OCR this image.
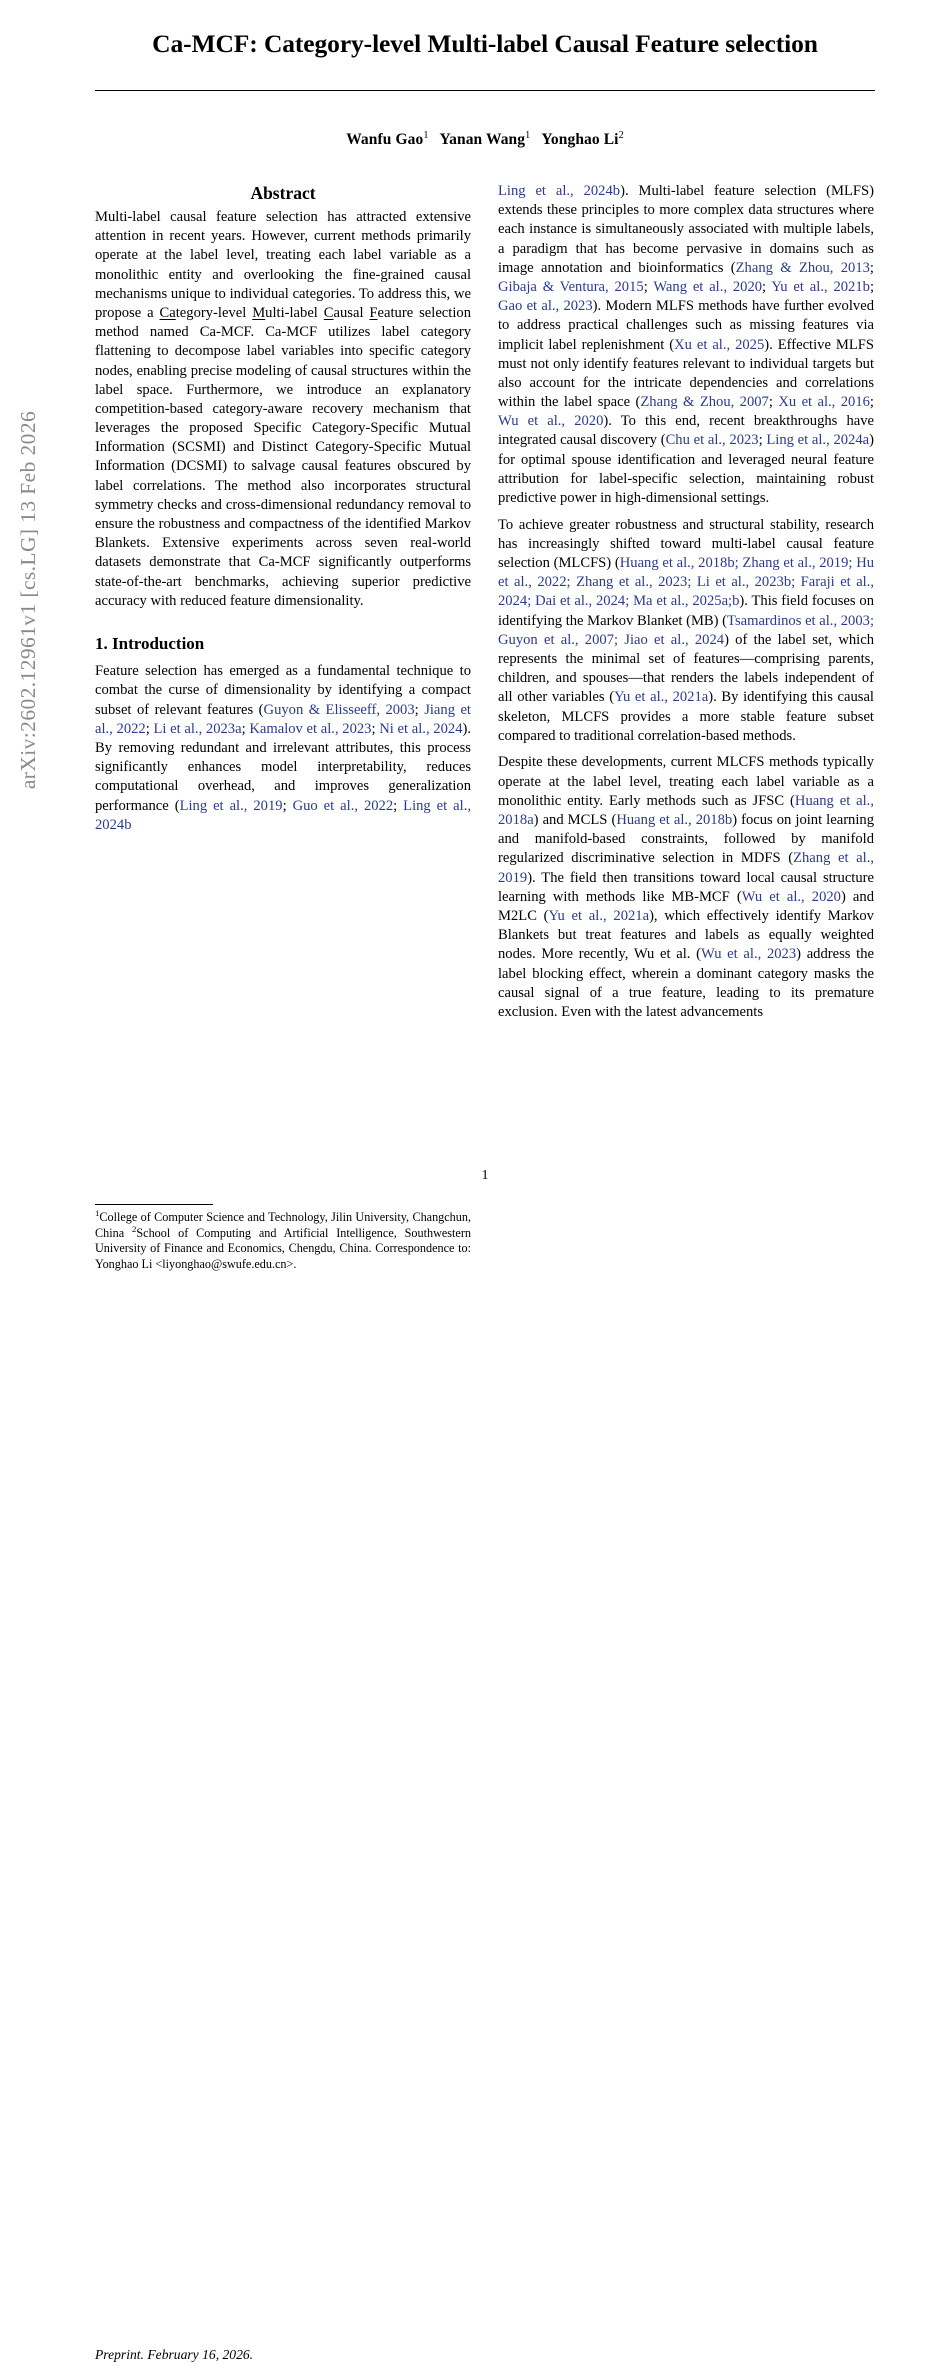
arXiv:2602.12961v1 [cs.LG] 13 Feb 2026
Ca-MCF: Category-level Multi-label Causal Feature selection
Wanfu Gao$^1$ Yanan Wang$^1$ Yonghao Li$^2$
Abstract

Multi-label causal feature selection has attracted extensive attention in recent years. However, current methods primarily operate at the label level, treating each label variable as a monolithic entity and overlooking the fine-grained causal mechanisms unique to individual categories. To address this, we propose a Category-level Multi-label Causal Feature selection method named Ca-MCF. Ca-MCF utilizes label category flattening to decompose label variables into specific category nodes, enabling precise modeling of causal structures within the label space. Furthermore, we introduce an explanatory competition-based category-aware recovery mechanism that leverages the proposed Specific Category-Specific Mutual Information (SCSMI) and Distinct Category-Specific Mutual Information (DCSMI) to salvage causal features obscured by label correlations. The method also incorporates structural symmetry checks and cross-dimensional redundancy removal to ensure the robustness and compactness of the identified Markov Blankets. Extensive experiments across seven real-world datasets demonstrate that Ca-MCF significantly outperforms state-of-the-art benchmarks, achieving superior predictive accuracy with reduced feature dimensionality.

1. Introduction

Feature selection has emerged as a fundamental technique to combat the curse of dimensionality by identifying a compact subset of relevant features (Guyon & Elisseeff, 2003; Jiang et al., 2022; Li et al., 2023a; Kamalov et al., 2023; Ni et al., 2024). By removing redundant and irrelevant attributes, this process significantly enhances model interpretability, reduces computational overhead, and improves generalization performance (Ling et al., 2019; Guo et al., 2022; Ling et al., 2024b

$^1$College of Computer Science and Technology, Jilin University, Changchun, China $^2$School of Computing and Artificial Intelligence, Southwestern University of Finance and Economics, Chengdu, China. Correspondence to: Yonghao Li <liyonghao@swufe.edu.cn>.
Preprint. February 16, 2026.

Ling et al., 2024b). Multi-label feature selection (MLFS) extends these principles to more complex data structures where each instance is simultaneously associated with multiple labels, a paradigm that has become pervasive in domains such as image annotation and bioinformatics (Zhang & Zhou, 2013; Gibaja & Ventura, 2015; Wang et al., 2020; Yu et al., 2021b; Gao et al., 2023). Modern MLFS methods have further evolved to address practical challenges such as missing features via implicit label replenishment (Xu et al., 2025). Effective MLFS must not only identify features relevant to individual targets but also account for the intricate dependencies and correlations within the label space (Zhang & Zhou, 2007; Xu et al., 2016; Wu et al., 2020). To this end, recent breakthroughs have integrated causal discovery (Chu et al., 2023; Ling et al., 2024a) for optimal spouse identification and leveraged neural feature attribution for label-specific selection, maintaining robust predictive power in high-dimensional settings.

To achieve greater robustness and structural stability, research has increasingly shifted toward multi-label causal feature selection (MLCFS) (Huang et al., 2018b; Zhang et al., 2019; Hu et al., 2022; Zhang et al., 2023; Li et al., 2023b; Faraji et al., 2024; Dai et al., 2024; Ma et al., 2025a;b). This field focuses on identifying the Markov Blanket (MB) (Tsamardinos et al., 2003; Guyon et al., 2007; Jiao et al., 2024) of the label set, which represents the minimal set of features—comprising parents, children, and spouses—that renders the labels independent of all other variables (Yu et al., 2021a). By identifying this causal skeleton, MLCFS provides a more stable feature subset compared to traditional correlation-based methods.

Despite these developments, current MLCFS methods typically operate at the label level, treating each label variable as a monolithic entity. Early methods such as JFSC (Huang et al., 2018a) and MCLS (Huang et al., 2018b) focus on joint learning and manifold-based constraints, followed by manifold regularized discriminative selection in MDFS (Zhang et al., 2019). The field then transitions toward local causal structure learning with methods like MB-MCF (Wu et al., 2020) and M2LC (Yu et al., 2021a), which effectively identify Markov Blankets but treat features and labels as equally weighted nodes. More recently, Wu et al. (Wu et al., 2023) address the label blocking effect, wherein a dominant category masks the causal signal of a true feature, leading to its premature exclusion. Even with the latest advancements

1
